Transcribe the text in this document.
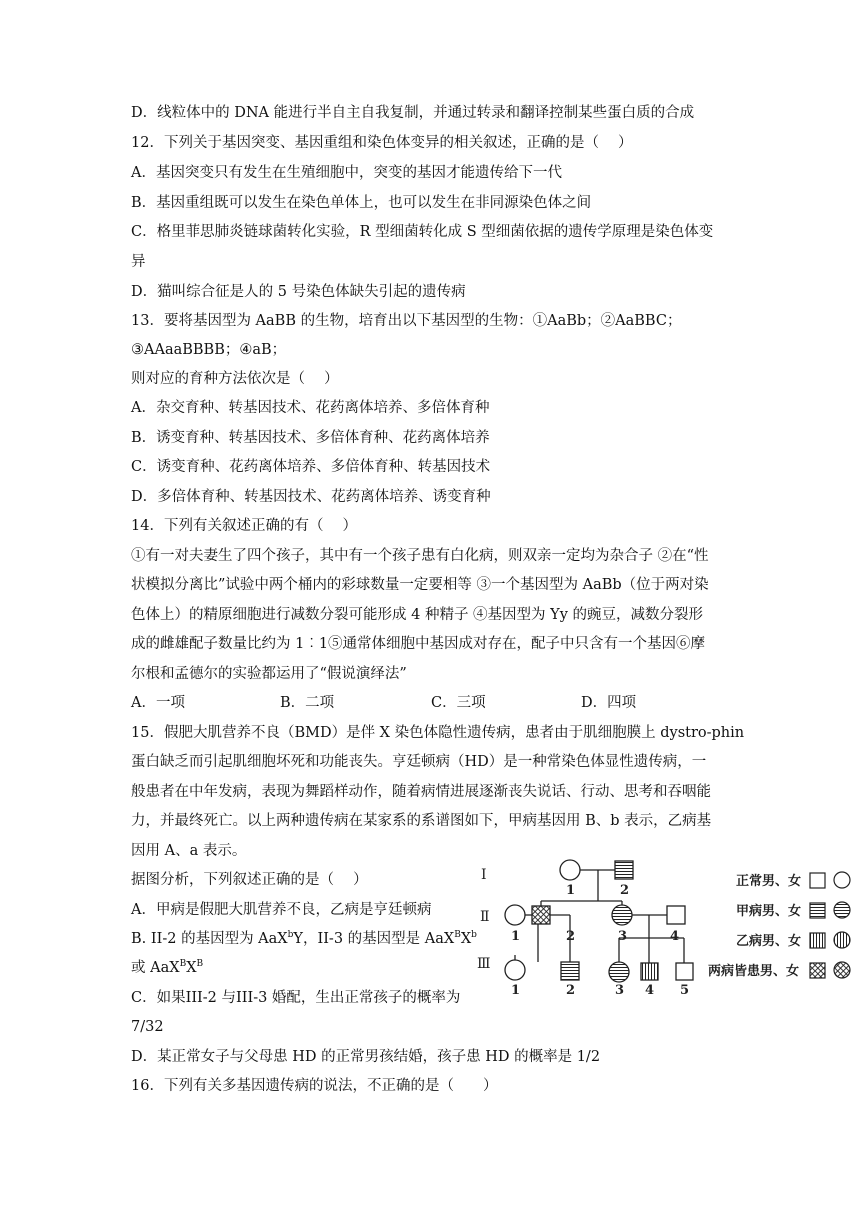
D．线粒体中的 DNA 能进行半自主自我复制，并通过转录和翻译控制某些蛋白质的合成
12．下列关于基因突变、基因重组和染色体变异的相关叙述，正确的是（　 ）
A．基因突变只有发生在生殖细胞中，突变的基因才能遗传给下一代
B．基因重组既可以发生在染色单体上，也可以发生在非同源染色体之间
C．格里菲思肺炎链球菌转化实验，R 型细菌转化成 S 型细菌依据的遗传学原理是染色体变
异
D．猫叫综合征是人的 5 号染色体缺失引起的遗传病
13．要将基因型为 AaBB 的生物，培育出以下基因型的生物：①AaBb；②AaBBC；
③AAaaBBBB；④aB；
则对应的育种方法依次是（　 ）
A．杂交育种、转基因技术、花药离体培养、多倍体育种
B．诱变育种、转基因技术、多倍体育种、花药离体培养
C．诱变育种、花药离体培养、多倍体育种、转基因技术
D．多倍体育种、转基因技术、花药离体培养、诱变育种
14．下列有关叙述正确的有（　 ）
①有一对夫妻生了四个孩子，其中有一个孩子患有白化病，则双亲一定均为杂合子 ②在“性
状模拟分离比”试验中两个桶内的彩球数量一定要相等 ③一个基因型为 AaBb（位于两对染
色体上）的精原细胞进行减数分裂可能形成 4 种精子 ④基因型为 Yy 的豌豆，减数分裂形
成的雌雄配子数量比约为 1︰1⑤通常体细胞中基因成对存在，配子中只含有一个基因⑥摩
尔根和孟德尔的实验都运用了“假说演绎法”
A．一项	B．二项	C．三项	D．四项
15．假肥大肌营养不良（BMD）是伴 X 染色体隐性遗传病，患者由于肌细胞膜上 dystro-phin
蛋白缺乏而引起肌细胞坏死和功能丧失。亨廷顿病（HD）是一种常染色体显性遗传病，一
般患者在中年发病，表现为舞蹈样动作，随着病情进展逐渐丧失说话、行动、思考和吞咽能
力，并最终死亡。以上两种遗传病在某家系的系谱图如下，甲病基因用 B、b 表示，乙病基
因用 A、a 表示。
据图分析，下列叙述正确的是（　 ）
A．甲病是假肥大肌营养不良，乙病是亨廷顿病
B. II-2 的基因型为 AaX$^b$Y，II-3 的基因型是 $AaX^BX^b$
或 $AaX^BX^B$
C．如果III-2 与III-3 婚配，生出正常孩子的概率为
7/32
D．某正常女子与父母患 HD 的正常男孩结婚，孩子患 HD 的概率是 1/2
16．下列有关多基因遗传病的说法，不正确的是（　　）
Ⅰ
Ⅱ
Ⅲ
1	2
1	2	3	4
1	2	3 4 5
正常男、女
甲病男、女
乙病男、女
两病皆患男、女
